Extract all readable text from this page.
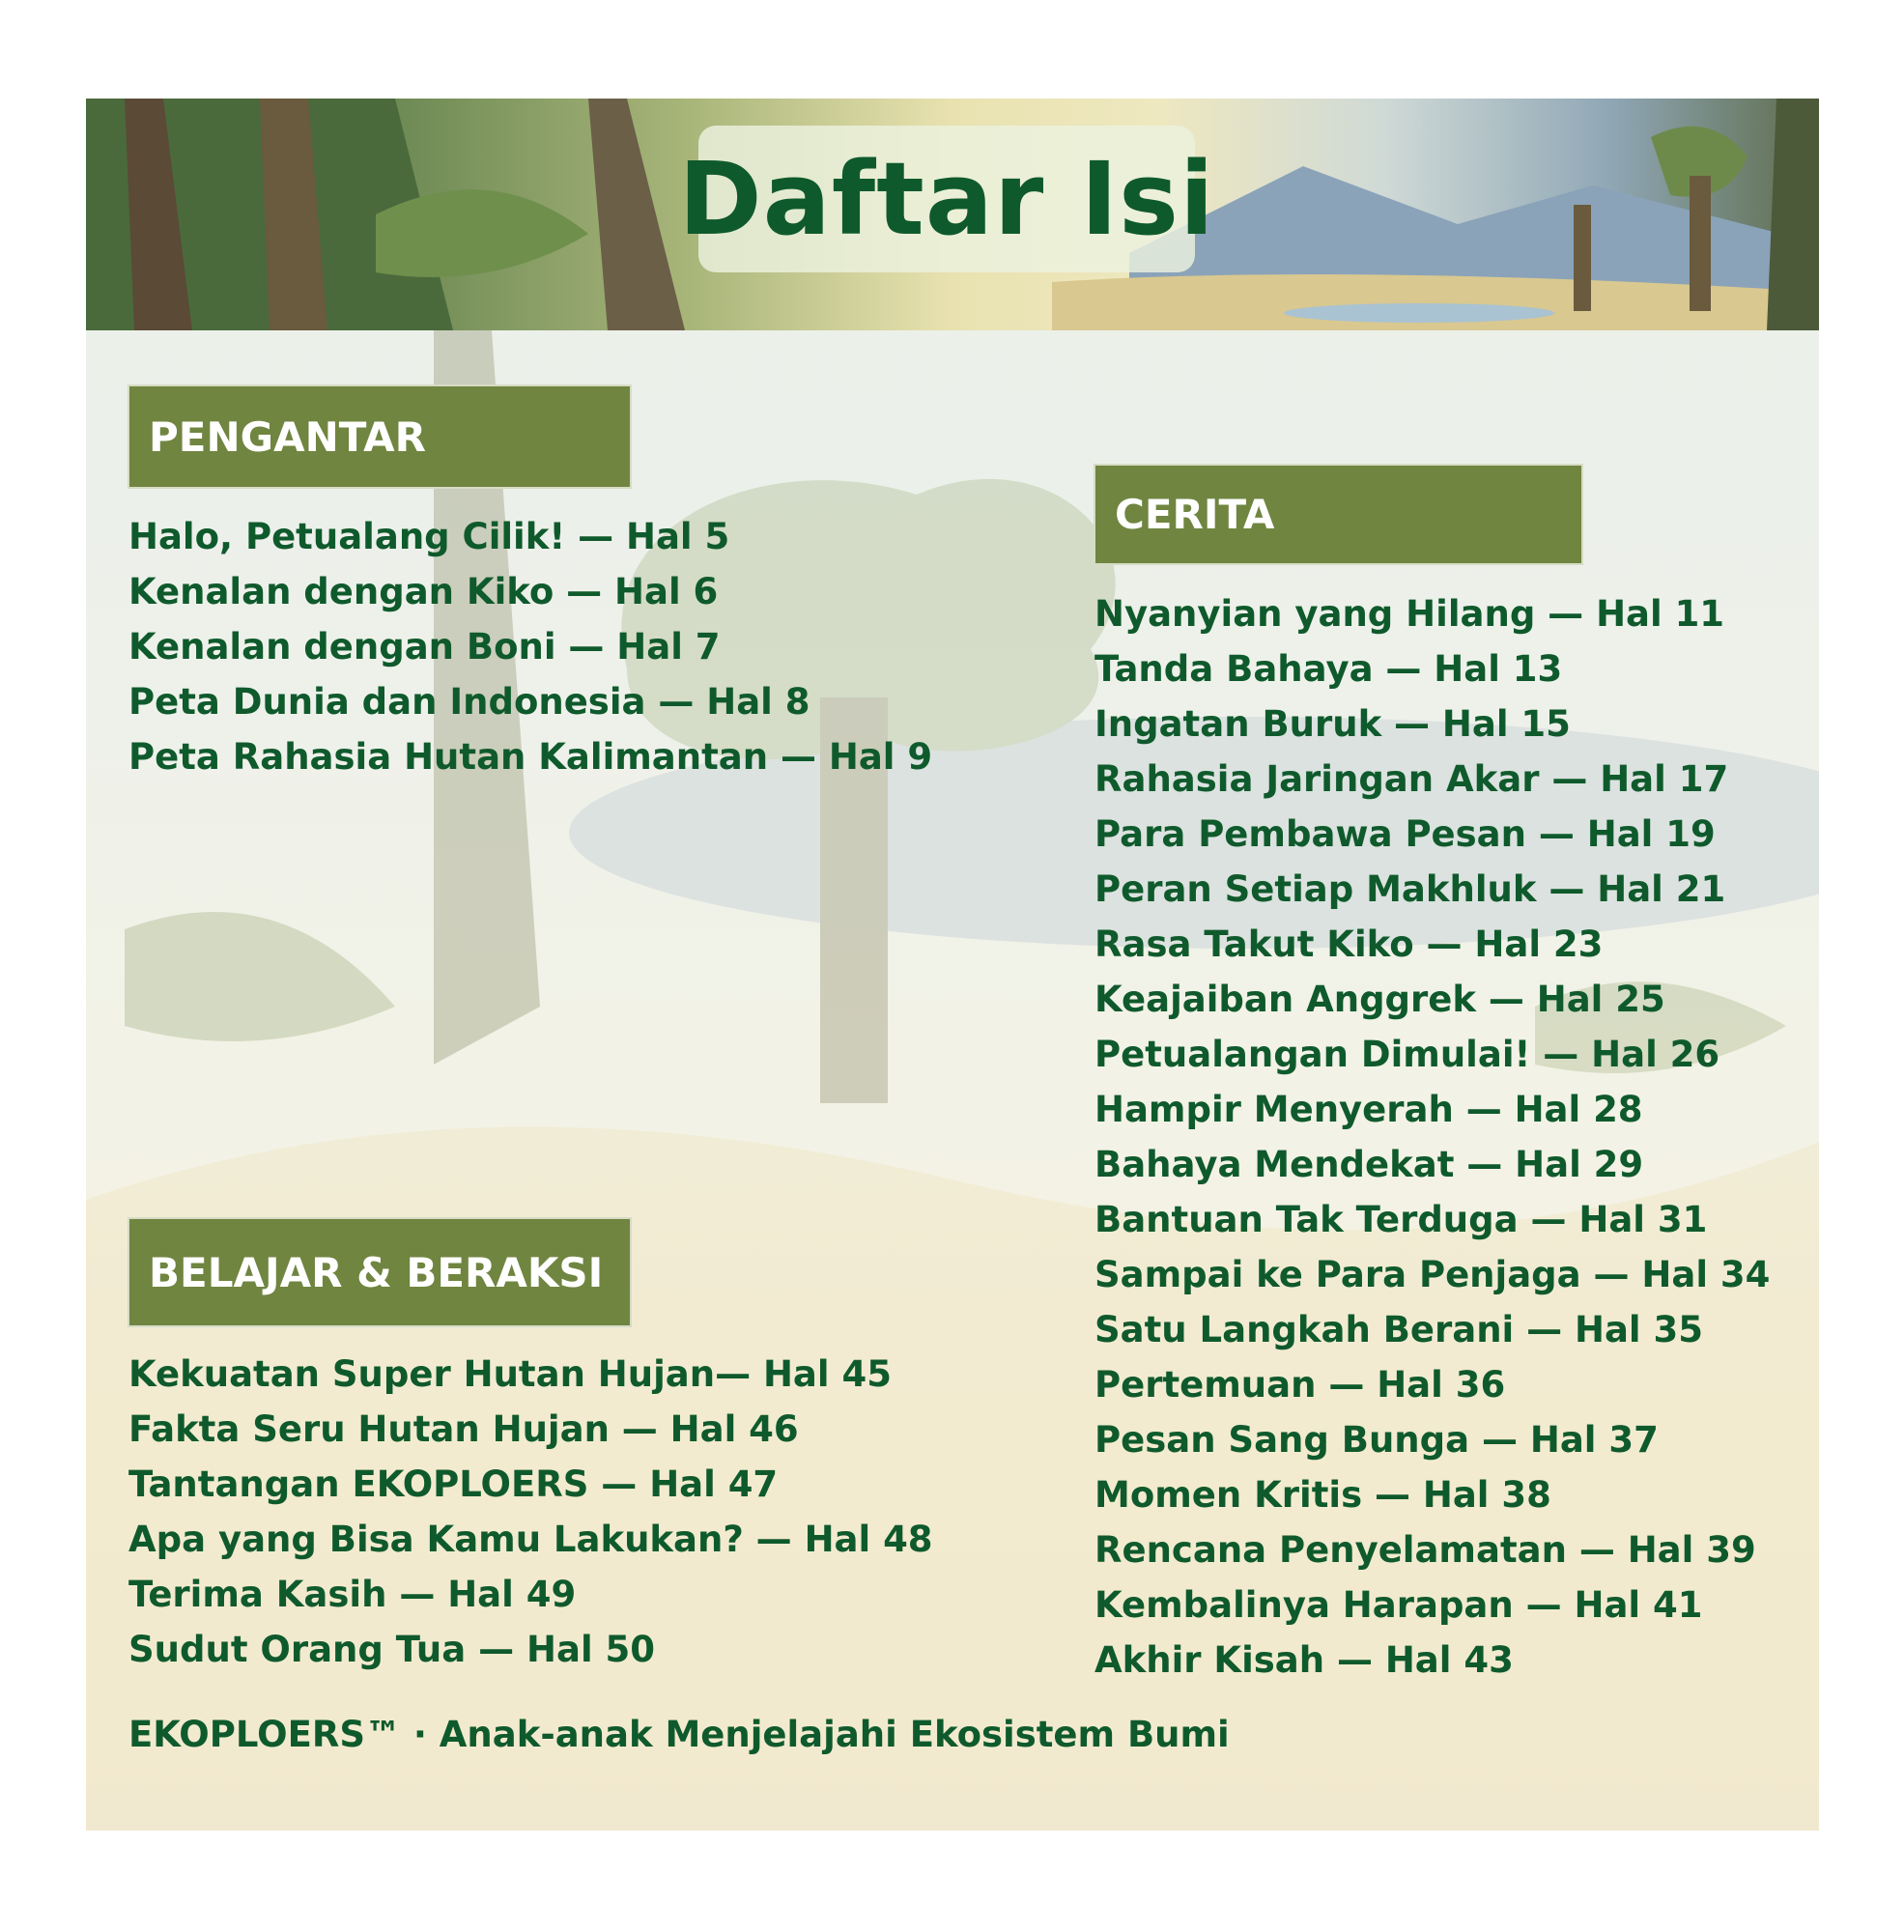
Daftar Isi
PENGANTAR
Halo, Petualang Cilik! — Hal 5
Kenalan dengan Kiko — Hal 6
Kenalan dengan Boni — Hal 7
Peta Dunia dan Indonesia — Hal 8
Peta Rahasia Hutan Kalimantan — Hal 9
BELAJAR & BERAKSI
Kekuatan Super Hutan Hujan— Hal 45
Fakta Seru Hutan Hujan — Hal 46
Tantangan EKOPLOERS — Hal 47
Apa yang Bisa Kamu Lakukan? — Hal 48
Terima Kasih — Hal 49
Sudut Orang Tua — Hal 50
CERITA
Nyanyian yang Hilang — Hal 11
Tanda Bahaya — Hal 13
Ingatan Buruk — Hal 15
Rahasia Jaringan Akar — Hal 17
Para Pembawa Pesan — Hal 19
Peran Setiap Makhluk — Hal 21
Rasa Takut Kiko — Hal 23
Keajaiban Anggrek — Hal 25
Petualangan Dimulai! — Hal 26
Hampir Menyerah — Hal 28
Bahaya Mendekat — Hal 29
Bantuan Tak Terduga — Hal 31
Sampai ke Para Penjaga — Hal 34
Satu Langkah Berani — Hal 35
Pertemuan — Hal 36
Pesan Sang Bunga — Hal 37
Momen Kritis — Hal 38
Rencana Penyelamatan — Hal 39
Kembalinya Harapan — Hal 41
Akhir Kisah — Hal 43
EKOPLOERS™ · Anak-anak Menjelajahi Ekosistem Bumi
